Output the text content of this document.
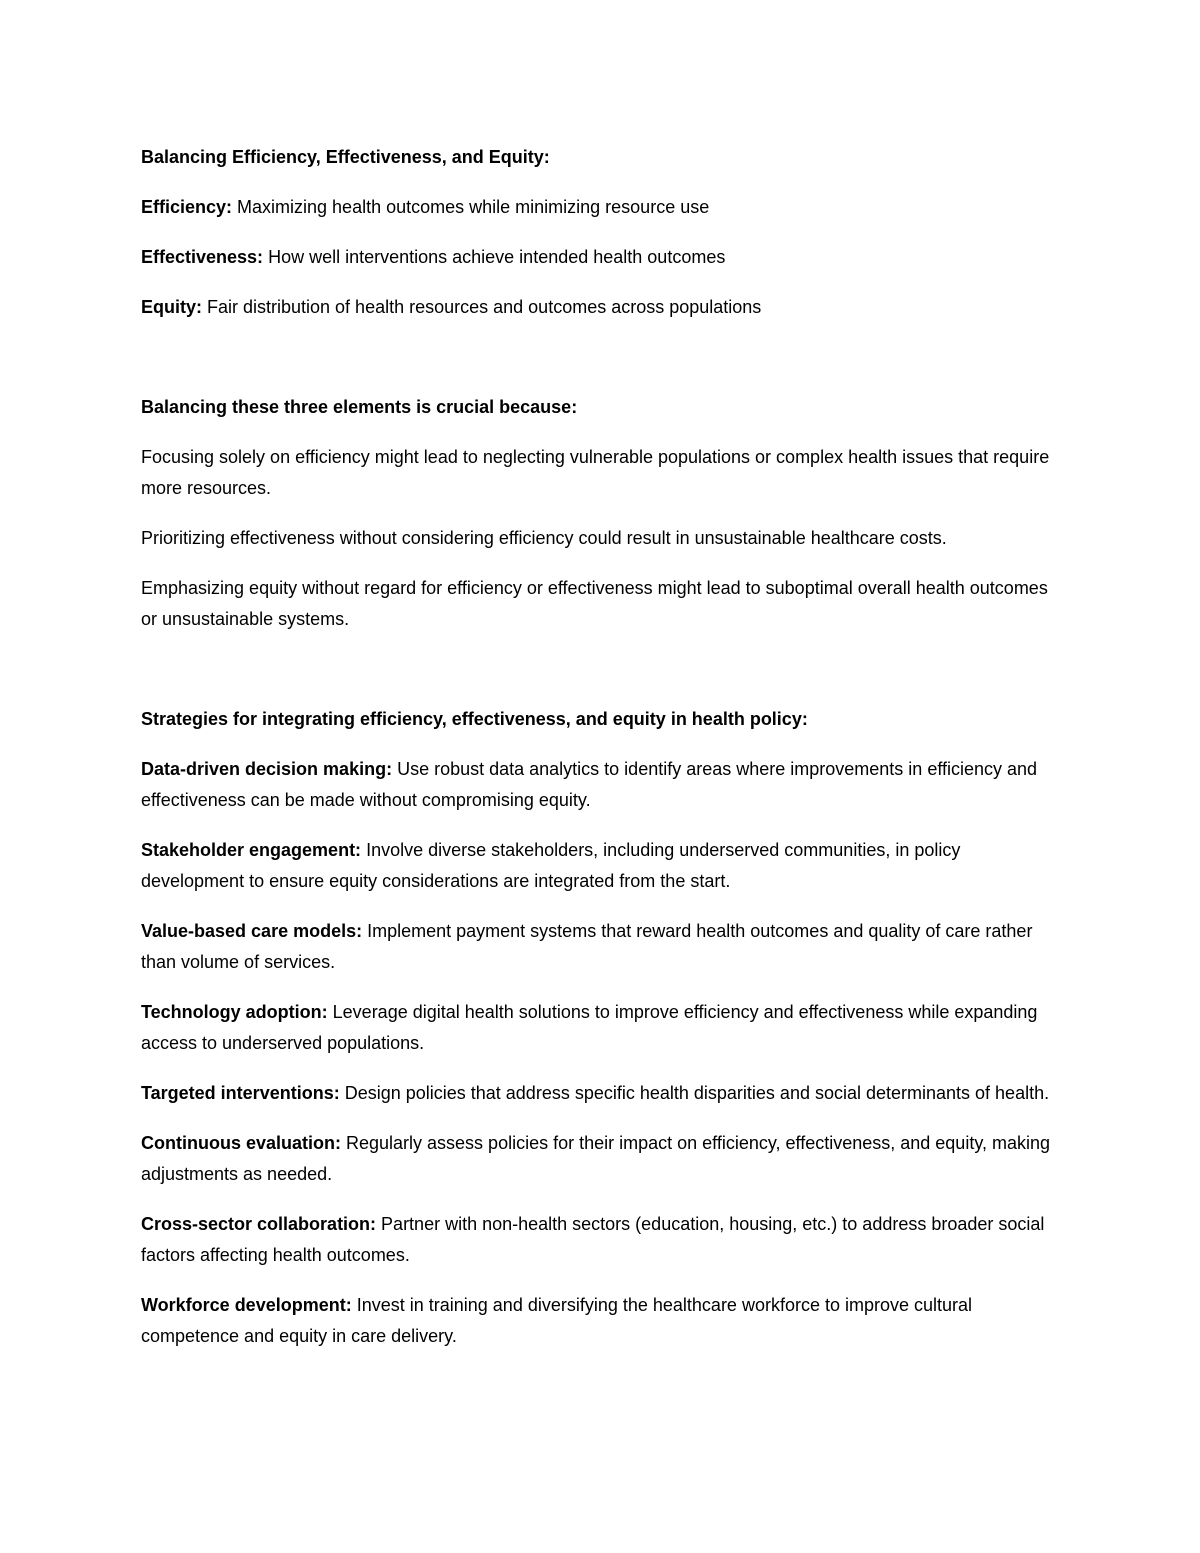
Balancing Efficiency, Effectiveness, and Equity:

Efficiency: Maximizing health outcomes while minimizing resource use

Effectiveness: How well interventions achieve intended health outcomes

Equity: Fair distribution of health resources and outcomes across populations

Balancing these three elements is crucial because:

Focusing solely on efficiency might lead to neglecting vulnerable populations or complex health issues that require more resources.

Prioritizing effectiveness without considering efficiency could result in unsustainable healthcare costs.

Emphasizing equity without regard for efficiency or effectiveness might lead to suboptimal overall health outcomes or unsustainable systems.

Strategies for integrating efficiency, effectiveness, and equity in health policy:

Data-driven decision making: Use robust data analytics to identify areas where improvements in efficiency and effectiveness can be made without compromising equity.

Stakeholder engagement: Involve diverse stakeholders, including underserved communities, in policy development to ensure equity considerations are integrated from the start.

Value-based care models: Implement payment systems that reward health outcomes and quality of care rather than volume of services.

Technology adoption: Leverage digital health solutions to improve efficiency and effectiveness while expanding access to underserved populations.

Targeted interventions: Design policies that address specific health disparities and social determinants of health.

Continuous evaluation: Regularly assess policies for their impact on efficiency, effectiveness, and equity, making adjustments as needed.

Cross-sector collaboration: Partner with non-health sectors (education, housing, etc.) to address broader social factors affecting health outcomes.

Workforce development: Invest in training and diversifying the healthcare workforce to improve cultural competence and equity in care delivery.
